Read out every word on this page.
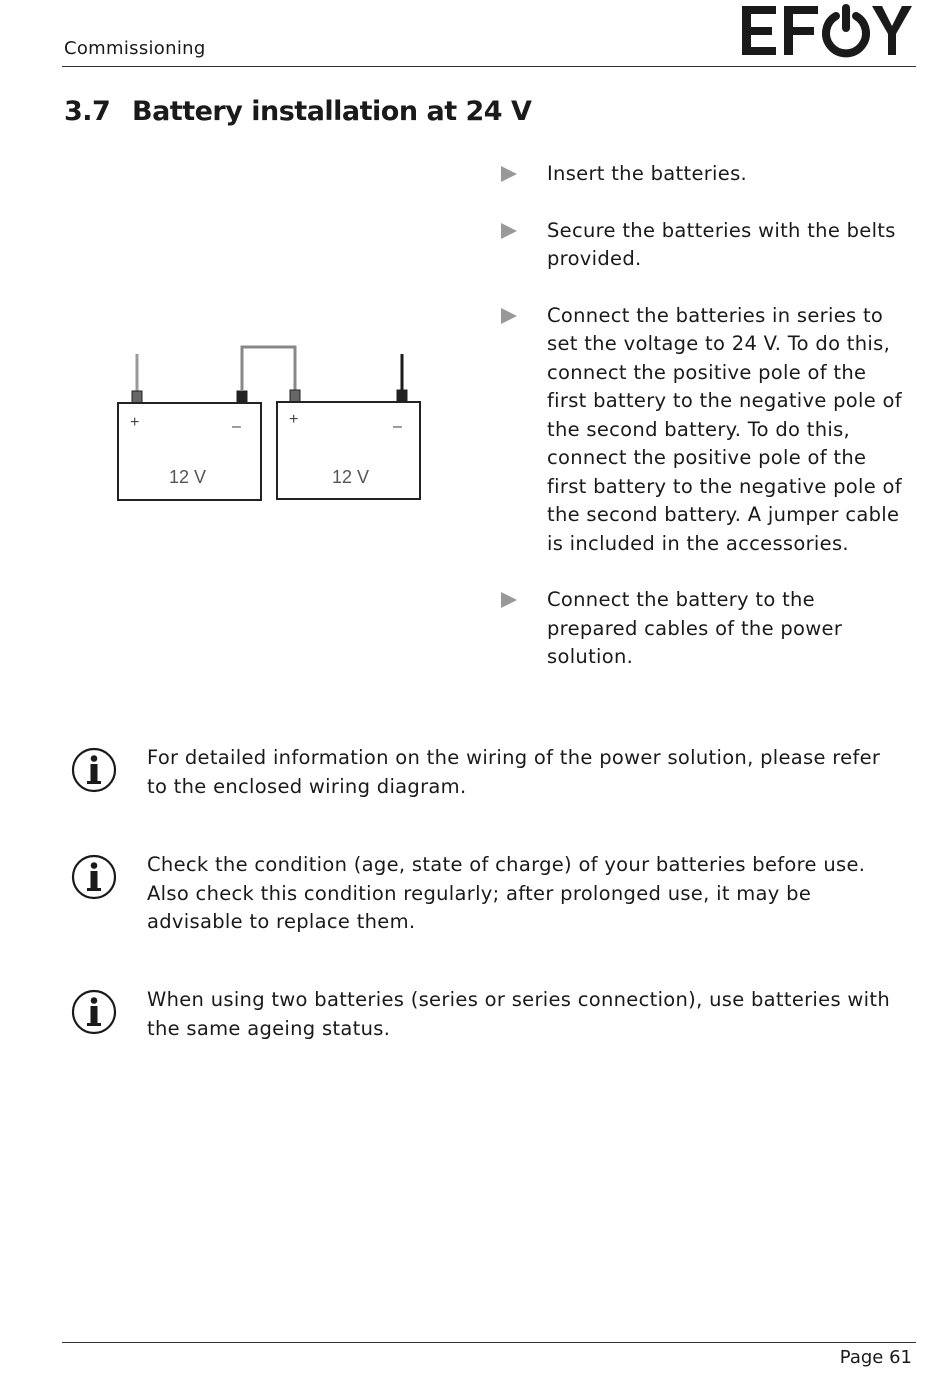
Commissioning
3.7 Battery installation at 24 V
+	–
12 V
+	–
12 V
Insert the batteries.
Secure the batteries with the belts provided.
Connect the batteries in series to set the voltage to 24 V. To do this, connect the positive pole of the first battery to the negative pole of the second battery. To do this, connect the positive pole of the first battery to the negative pole of the second battery. A jumper cable is included in the accessories.
Connect the battery to the prepared cables of the power solution.
For detailed information on the wiring of the power solution, please refer to the enclosed wiring diagram.
Check the condition (age, state of charge) of your batteries before use. Also check this condition regularly; after prolonged use, it may be advisable to replace them.
When using two batteries (series or series connection), use batteries with the same ageing status.
Page 61
